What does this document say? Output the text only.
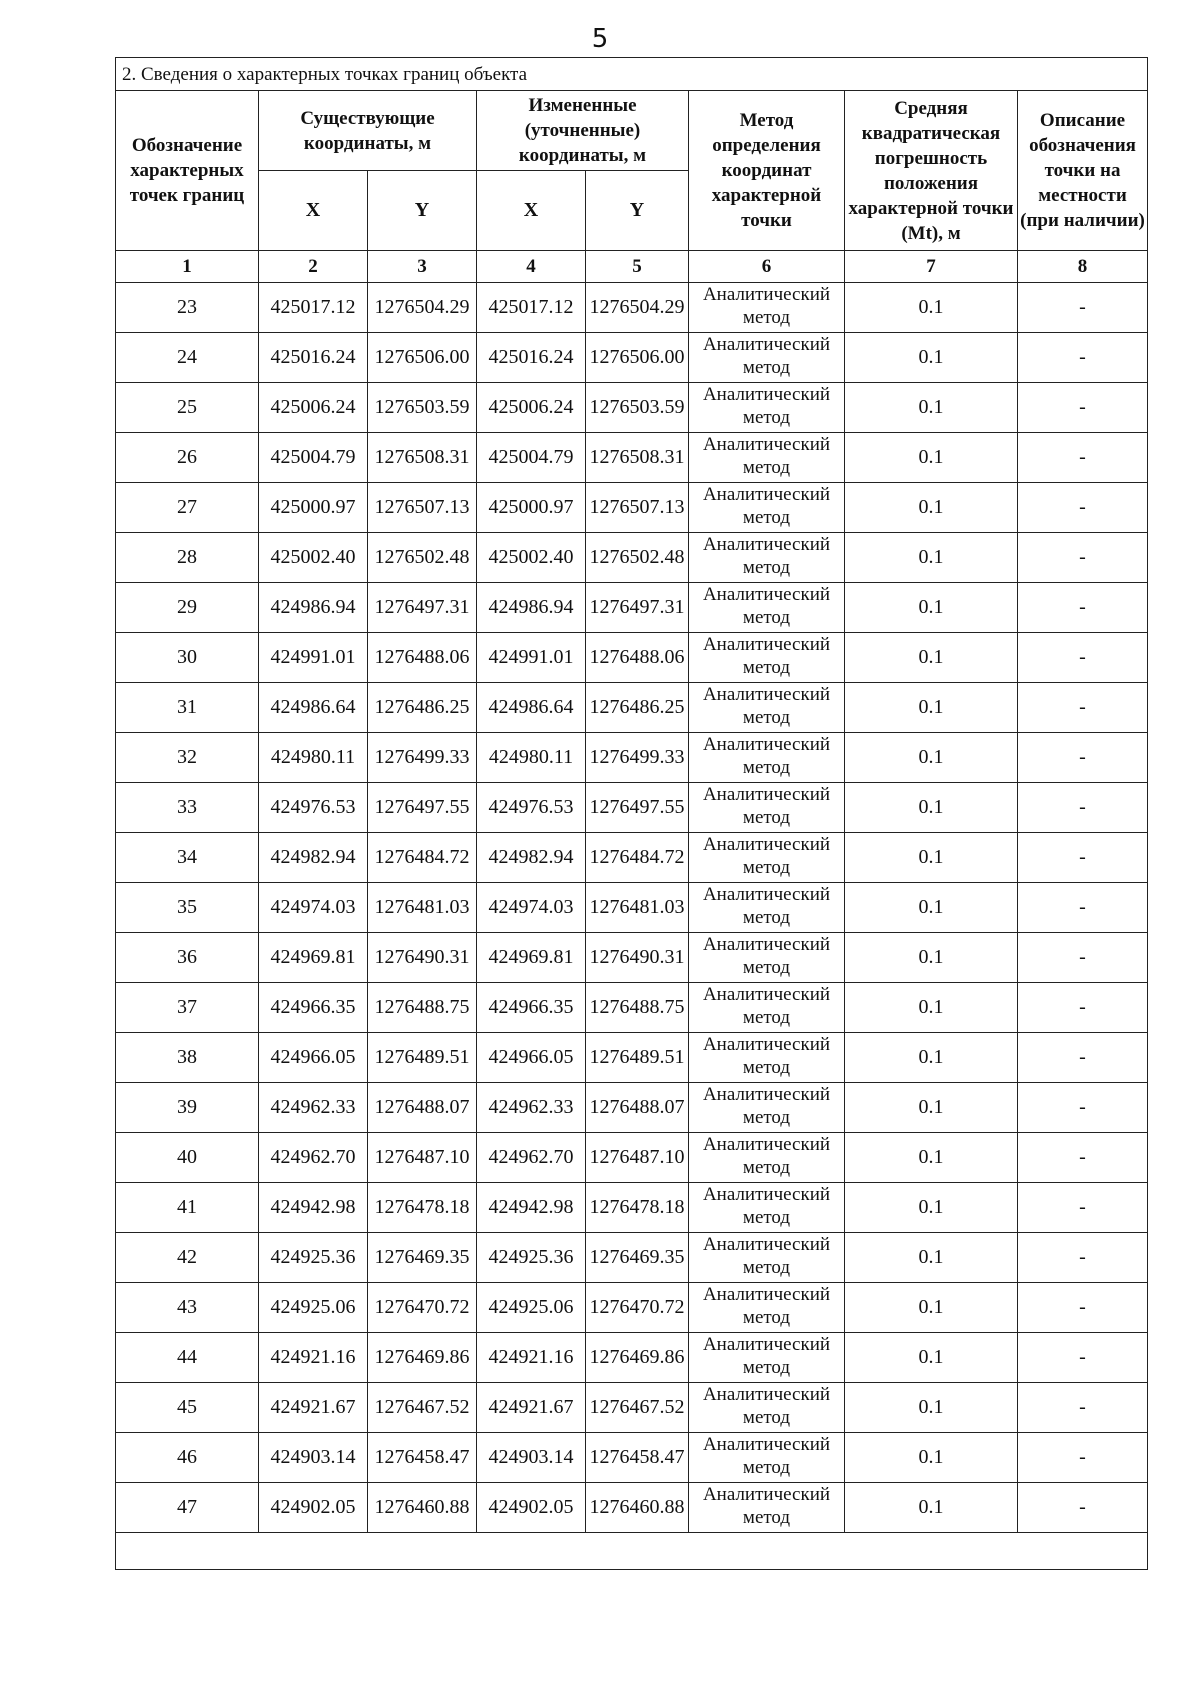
5
2. Сведения о характерных точках границ объекта							
Обозначение характерных точек границ	Существующие координаты, м		Измененные (уточненные) координаты, м		Метод определения координат характерной точки	Средняя квадратическая погрешность положения характерной точки (Mt), м	Описание обозначения точки на местности (при наличии)
	X	Y	X	Y			
1	2	3	4	5	6	7	8
23	425017.12	1276504.29	425017.12	1276504.29	Аналитический метод	0.1	-
24	425016.24	1276506.00	425016.24	1276506.00	Аналитический метод	0.1	-
25	425006.24	1276503.59	425006.24	1276503.59	Аналитический метод	0.1	-
26	425004.79	1276508.31	425004.79	1276508.31	Аналитический метод	0.1	-
27	425000.97	1276507.13	425000.97	1276507.13	Аналитический метод	0.1	-
28	425002.40	1276502.48	425002.40	1276502.48	Аналитический метод	0.1	-
29	424986.94	1276497.31	424986.94	1276497.31	Аналитический метод	0.1	-
30	424991.01	1276488.06	424991.01	1276488.06	Аналитический метод	0.1	-
31	424986.64	1276486.25	424986.64	1276486.25	Аналитический метод	0.1	-
32	424980.11	1276499.33	424980.11	1276499.33	Аналитический метод	0.1	-
33	424976.53	1276497.55	424976.53	1276497.55	Аналитический метод	0.1	-
34	424982.94	1276484.72	424982.94	1276484.72	Аналитический метод	0.1	-
35	424974.03	1276481.03	424974.03	1276481.03	Аналитический метод	0.1	-
36	424969.81	1276490.31	424969.81	1276490.31	Аналитический метод	0.1	-
37	424966.35	1276488.75	424966.35	1276488.75	Аналитический метод	0.1	-
38	424966.05	1276489.51	424966.05	1276489.51	Аналитический метод	0.1	-
39	424962.33	1276488.07	424962.33	1276488.07	Аналитический метод	0.1	-
40	424962.70	1276487.10	424962.70	1276487.10	Аналитический метод	0.1	-
41	424942.98	1276478.18	424942.98	1276478.18	Аналитический метод	0.1	-
42	424925.36	1276469.35	424925.36	1276469.35	Аналитический метод	0.1	-
43	424925.06	1276470.72	424925.06	1276470.72	Аналитический метод	0.1	-
44	424921.16	1276469.86	424921.16	1276469.86	Аналитический метод	0.1	-
45	424921.67	1276467.52	424921.67	1276467.52	Аналитический метод	0.1	-
46	424903.14	1276458.47	424903.14	1276458.47	Аналитический метод	0.1	-
47	424902.05	1276460.88	424902.05	1276460.88	Аналитический метод	0.1	-
